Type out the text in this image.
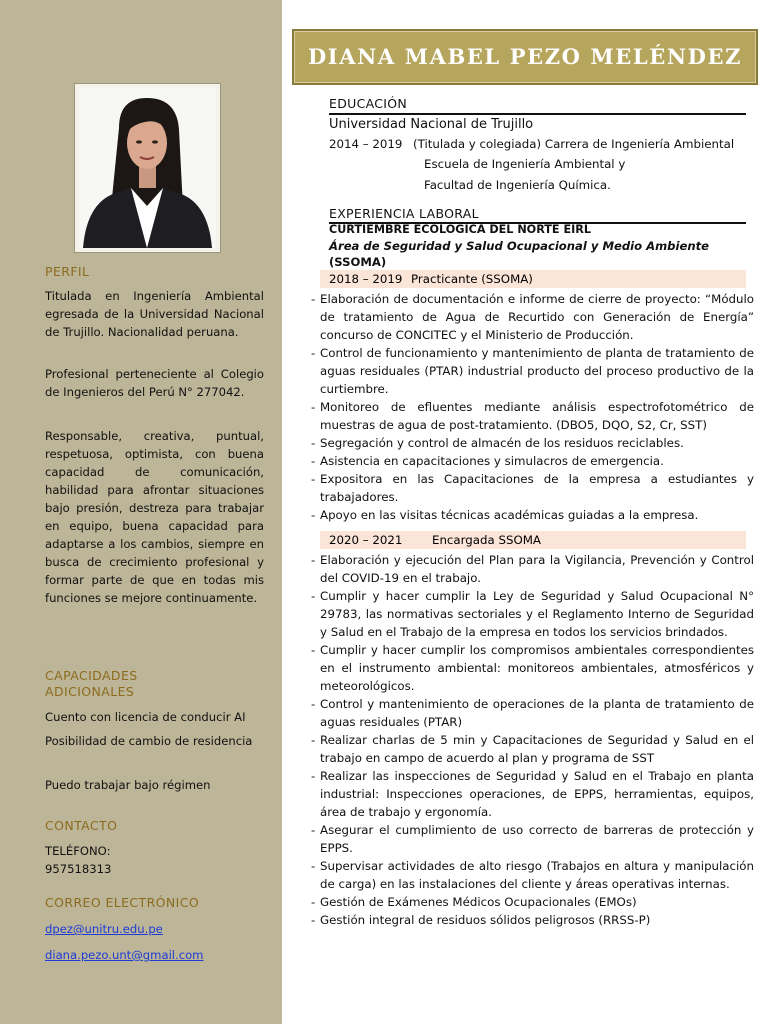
PERFIL
Titulada en Ingeniería Ambiental egresada de la Universidad Nacional de Trujillo. Nacionalidad peruana.
Profesional perteneciente al Colegio de Ingenieros del Perú N° 277042.
Responsable, creativa, puntual, respetuosa, optimista, con buena capacidad de comunicación, habilidad para afrontar situaciones bajo presión, destreza para trabajar en equipo, buena capacidad para adaptarse a los cambios, siempre en busca de crecimiento profesional y formar parte de que en todas mis funciones se mejore continuamente.
CAPACIDADES
ADICIONALES
Cuento con licencia de conducir AI
Posibilidad de cambio de residencia
Puedo trabajar bajo régimen
CONTACTO
TELÉFONO:
957518313
CORREO ELECTRÓNICO
dpez@unitru.edu.pe
diana.pezo.unt@gmail.com
DIANA MABEL PEZO MELÉNDEZ
EDUCACIÓN
Universidad Nacional de Trujillo
2014 – 2019 (Titulada y colegiada) Carrera de Ingeniería Ambiental
Escuela de Ingeniería Ambiental y
Facultad de Ingeniería Química.
EXPERIENCIA LABORAL
CURTIEMBRE ECOLÓGICA DEL NORTE EIRL
Área de Seguridad y Salud Ocupacional y Medio Ambiente
(SSOMA)
2018 – 2019 Practicante (SSOMA)
- Elaboración de documentación e informe de cierre de proyecto: “Módulo de tratamiento de Agua de Recurtido con Generación de Energía” concurso de CONCITEC y el Ministerio de Producción.
- Control de funcionamiento y mantenimiento de planta de tratamiento de aguas residuales (PTAR) industrial producto del proceso productivo de la curtiembre.
- Monitoreo de efluentes mediante análisis espectrofotométrico de muestras de agua de post-tratamiento. (DBO5, DQO, S2, Cr, SST)
- Segregación y control de almacén de los residuos reciclables.
- Asistencia en capacitaciones y simulacros de emergencia.
- Expositora en las Capacitaciones de la empresa a estudiantes y trabajadores.
- Apoyo en las visitas técnicas académicas guiadas a la empresa.
2020 – 2021	Encargada SSOMA
- Elaboración y ejecución del Plan para la Vigilancia, Prevención y Control del COVID-19 en el trabajo.
- Cumplir y hacer cumplir la Ley de Seguridad y Salud Ocupacional N° 29783, las normativas sectoriales y el Reglamento Interno de Seguridad y Salud en el Trabajo de la empresa en todos los servicios brindados.
- Cumplir y hacer cumplir los compromisos ambientales correspondientes en el instrumento ambiental: monitoreos ambientales, atmosféricos y meteorológicos.
- Control y mantenimiento de operaciones de la planta de tratamiento de aguas residuales (PTAR)
- Realizar charlas de 5 min y Capacitaciones de Seguridad y Salud en el trabajo en campo de acuerdo al plan y programa de SST
- Realizar las inspecciones de Seguridad y Salud en el Trabajo en planta industrial: Inspecciones operaciones, de EPPS, herramientas, equipos, área de trabajo y ergonomía.
- Asegurar el cumplimiento de uso correcto de barreras de protección y EPPS.
- Supervisar actividades de alto riesgo (Trabajos en altura y manipulación de carga) en las instalaciones del cliente y áreas operativas internas.
- Gestión de Exámenes Médicos Ocupacionales (EMOs)
- Gestión integral de residuos sólidos peligrosos (RRSS-P)
